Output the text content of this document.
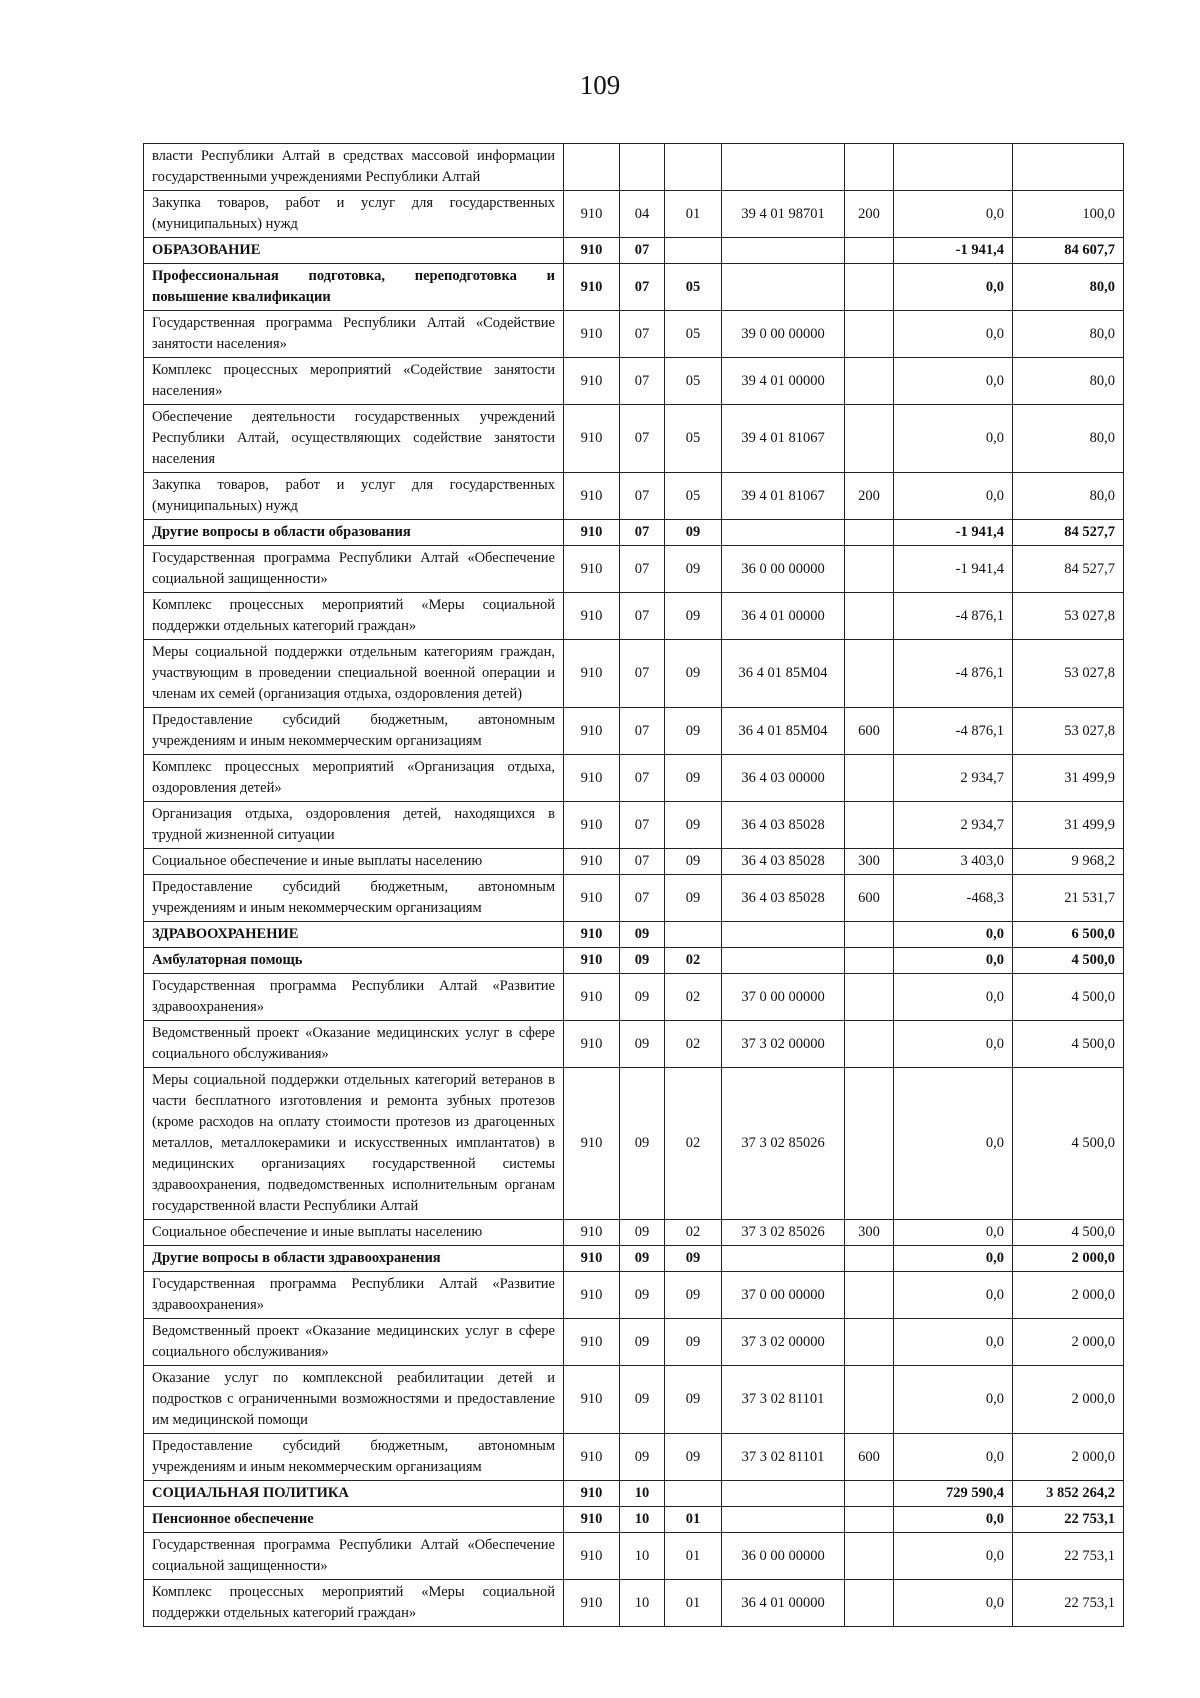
109
власти Республики Алтай в средствах массовой информации государственными учреждениями Республики Алтай							
Закупка товаров, работ и услуг для государственных (муниципальных) нужд	910	04	01	39 4 01 98701	200	0,0	100,0
ОБРАЗОВАНИЕ	910	07				-1 941,4	84 607,7
Профессиональная подготовка, переподготовка и повышение квалификации	910	07	05			0,0	80,0
Государственная программа Республики Алтай «Содействие занятости населения»	910	07	05	39 0 00 00000		0,0	80,0
Комплекс процессных мероприятий «Содействие занятости населения»	910	07	05	39 4 01 00000		0,0	80,0
Обеспечение деятельности государственных учреждений Республики Алтай, осуществляющих содействие занятости населения	910	07	05	39 4 01 81067		0,0	80,0
Закупка товаров, работ и услуг для государственных (муниципальных) нужд	910	07	05	39 4 01 81067	200	0,0	80,0
Другие вопросы в области образования	910	07	09			-1 941,4	84 527,7
Государственная программа Республики Алтай «Обеспечение социальной защищенности»	910	07	09	36 0 00 00000		-1 941,4	84 527,7
Комплекс процессных мероприятий «Меры социальной поддержки отдельных категорий граждан»	910	07	09	36 4 01 00000		-4 876,1	53 027,8
Меры социальной поддержки отдельным категориям граждан, участвующим в проведении специальной военной операции и членам их семей (организация отдыха, оздоровления детей)	910	07	09	36 4 01 85M04		-4 876,1	53 027,8
Предоставление субсидий бюджетным, автономным учреждениям и иным некоммерческим организациям	910	07	09	36 4 01 85M04	600	-4 876,1	53 027,8
Комплекс процессных мероприятий «Организация отдыха, оздоровления детей»	910	07	09	36 4 03 00000		2 934,7	31 499,9
Организация отдыха, оздоровления детей, находящихся в трудной жизненной ситуации	910	07	09	36 4 03 85028		2 934,7	31 499,9
Социальное обеспечение и иные выплаты населению	910	07	09	36 4 03 85028	300	3 403,0	9 968,2
Предоставление субсидий бюджетным, автономным учреждениям и иным некоммерческим организациям	910	07	09	36 4 03 85028	600	-468,3	21 531,7
ЗДРАВООХРАНЕНИЕ	910	09				0,0	6 500,0
Амбулаторная помощь	910	09	02			0,0	4 500,0
Государственная программа Республики Алтай «Развитие здравоохранения»	910	09	02	37 0 00 00000		0,0	4 500,0
Ведомственный проект «Оказание медицинских услуг в сфере социального обслуживания»	910	09	02	37 3 02 00000		0,0	4 500,0
Меры социальной поддержки отдельных категорий ветеранов в части бесплатного изготовления и ремонта зубных протезов (кроме расходов на оплату стоимости протезов из драгоценных металлов, металлокерамики и искусственных имплантатов) в медицинских организациях государственной системы здравоохранения, подведомственных исполнительным органам государственной власти Республики Алтай	910	09	02	37 3 02 85026		0,0	4 500,0
Социальное обеспечение и иные выплаты населению	910	09	02	37 3 02 85026	300	0,0	4 500,0
Другие вопросы в области здравоохранения	910	09	09			0,0	2 000,0
Государственная программа Республики Алтай «Развитие здравоохранения»	910	09	09	37 0 00 00000		0,0	2 000,0
Ведомственный проект «Оказание медицинских услуг в сфере социального обслуживания»	910	09	09	37 3 02 00000		0,0	2 000,0
Оказание услуг по комплексной реабилитации детей и подростков с ограниченными возможностями и предоставление им медицинской помощи	910	09	09	37 3 02 81101		0,0	2 000,0
Предоставление субсидий бюджетным, автономным учреждениям и иным некоммерческим организациям	910	09	09	37 3 02 81101	600	0,0	2 000,0
СОЦИАЛЬНАЯ ПОЛИТИКА	910	10				729 590,4	3 852 264,2
Пенсионное обеспечение	910	10	01			0,0	22 753,1
Государственная программа Республики Алтай «Обеспечение социальной защищенности»	910	10	01	36 0 00 00000		0,0	22 753,1
Комплекс процессных мероприятий «Меры социальной поддержки отдельных категорий граждан»	910	10	01	36 4 01 00000		0,0	22 753,1
